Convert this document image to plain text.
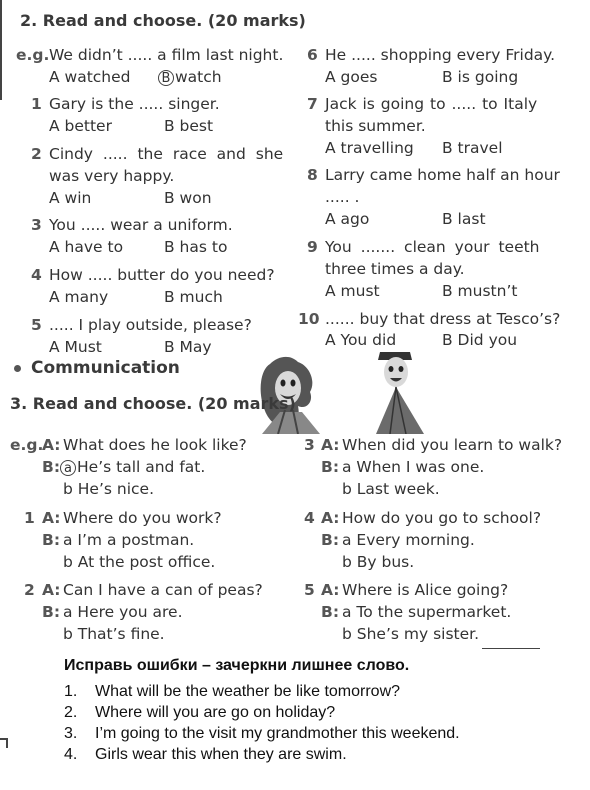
2. Read and choose. (20 marks)
e.g. We didn’t ..... a film last night.
A watched B watch
1 Gary is the ..... singer.
A better	B best
2 Cindy ..... the race and she
was very happy.
A win	B won
3 You ..... wear a uniform.
A have to	B has to
4 How ..... butter do you need?
A many	B much
5 ..... I play outside, please?
A Must	B May
6 He ..... shopping every Friday.
A goes	B is going
7 Jack is going to ..... to Italy
this summer.
A travelling B travel
8 Larry came home half an hour
..... .
A ago	B last
9 You ....... clean your teeth
three times a day.
A must	B mustn’t
10 ...... buy that dress at Tesco’s?
A You did	B Did you
Communication
3. Read and choose. (20 marks)
e.g.
A: What does he look like?
B: a He’s tall and fat.
b He’s nice.
1 A: Where do you work?
B: a I’m a postman.
b At the post office.
2 A: Can I have a can of peas?
B: a Here you are.
b That’s fine.
3 A: When did you learn to walk?
B: a When I was one.
b Last week.
4 A: How do you go to school?
B: a Every morning.
b By bus.
5 A: Where is Alice going?
B: a To the supermarket.
b She’s my sister.
Исправь ошибки – зачеркни лишнее слово.
1. What will be the weather be like tomorrow?
2. Where will you are go on holiday?
3. I’m going to the visit my grandmother this weekend.
4. Girls wear this when they are swim.
